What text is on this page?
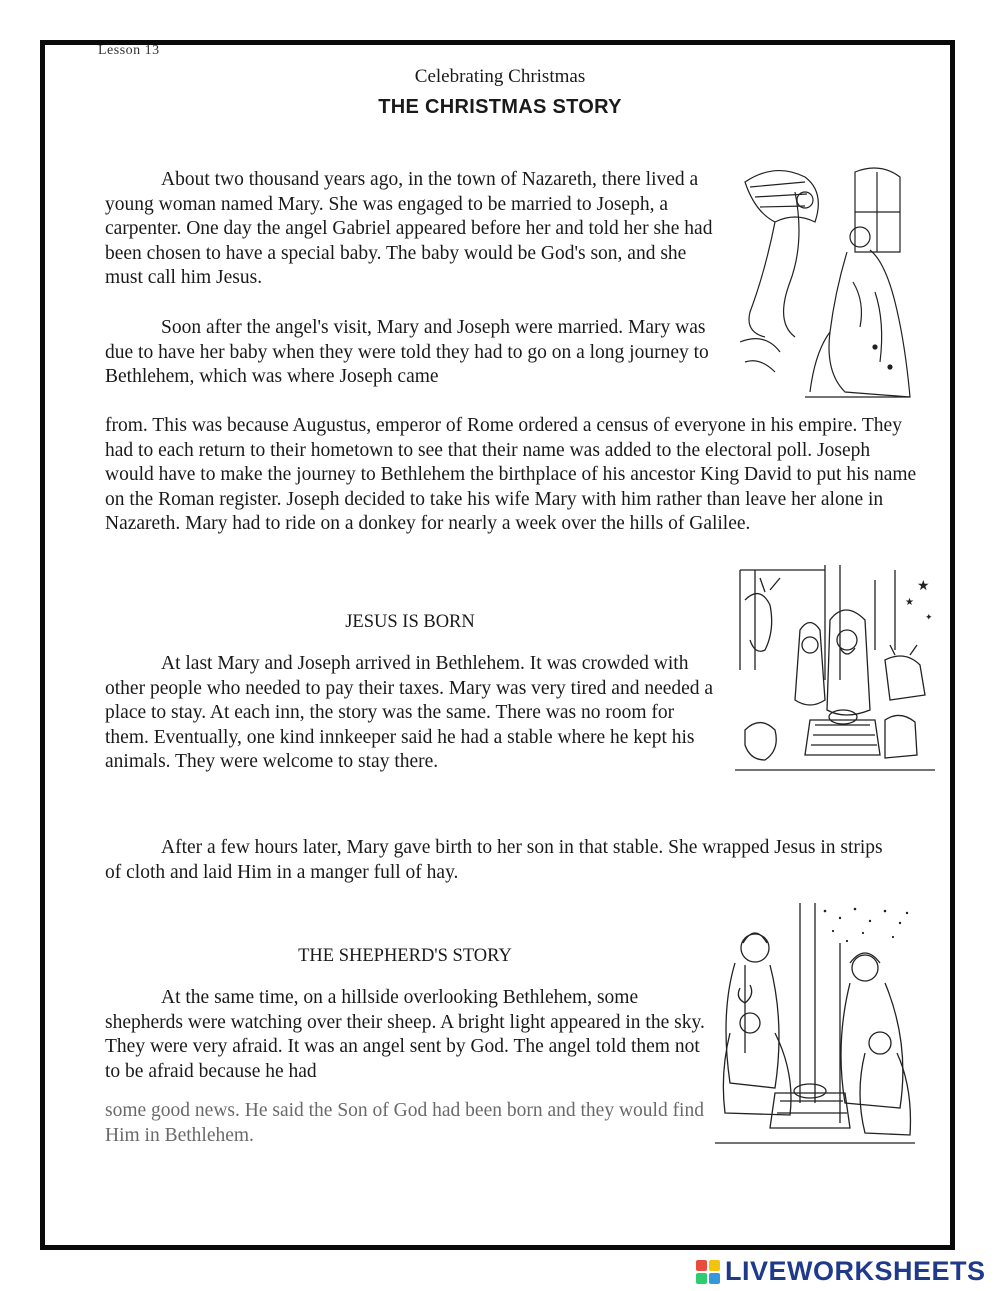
Lesson 13
Celebrating Christmas
THE CHRISTMAS STORY

About two thousand years ago, in the town of Nazareth, there lived a young woman named Mary. She was engaged to be married to Joseph, a carpenter. One day the angel Gabriel appeared before her and told her she had been chosen to have a special baby. The baby would be God's son, and she must call him Jesus.

Soon after the angel's visit, Mary and Joseph were married. Mary was due to have her baby when they were told they had to go on a long journey to Bethlehem, which was where Joseph came

from. This was because Augustus, emperor of Rome ordered a census of everyone in his empire. They had to each return to their hometown to see that their name was added to the electoral poll. Joseph would have to make the journey to Bethlehem the birthplace of his ancestor King David to put his name on the Roman register. Joseph decided to take his wife Mary with him rather than leave her alone in Nazareth. Mary had to ride on a donkey for nearly a week over the hills of Galilee.

JESUS IS BORN

At last Mary and Joseph arrived in Bethlehem. It was crowded with other people who needed to pay their taxes. Mary was very tired and needed a place to stay. At each inn, the story was the same. There was no room for them. Eventually, one kind innkeeper said he had a stable where he kept his animals. They were welcome to stay there.

After a few hours later, Mary gave birth to her son in that stable. She wrapped Jesus in strips of cloth and laid Him in a manger full of hay.

★
★
✦
THE SHEPHERD'S STORY

At the same time, on a hillside overlooking Bethlehem, some shepherds were watching over their sheep. A bright light appeared in the sky. They were very afraid. It was an angel sent by God. The angel told them not to be afraid because he had

some good news. He said the Son of God had been born and they would find Him in Bethlehem.

LIVEWORKSHEETS
